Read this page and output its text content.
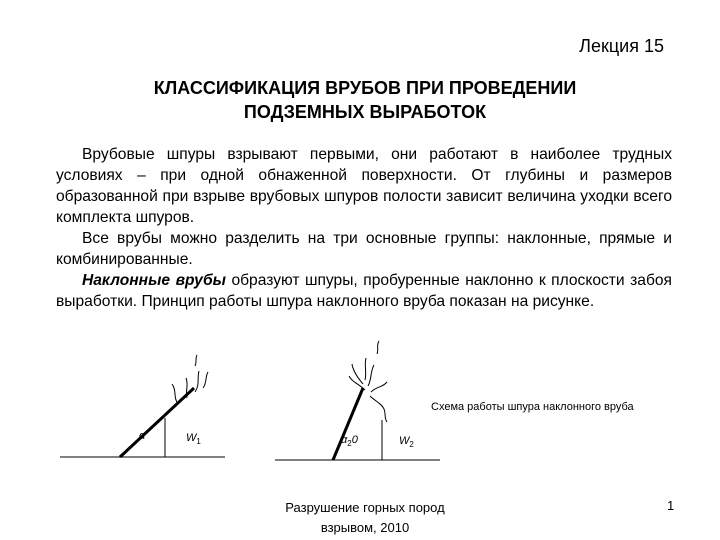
Лекция 15
КЛАССИФИКАЦИЯ ВРУБОВ ПРИ ПРОВЕДЕНИИ
ПОДЗЕМНЫХ ВЫРАБОТОК

Врубовые шпуры взрывают первыми, они работают в наиболее трудных условиях – при одной обнаженной поверхности. От глубины и размеров образованной при взрыве врубовых шпуров полости зависит величина уходки всего комплекта шпуров.

Все врубы можно разделить на три основные группы: наклонные, прямые и комбинированные.

Наклонные врубы образуют шпуры, пробуренные наклонно к плоскости забоя выработки. Принцип работы шпура наклонного вруба показан на рисунке.

α	$W_1$	$\alpha_20$	$W_2$
Схема работы шпура наклонного вруба
Разрушение горных пород
взрывом, 2010
1
